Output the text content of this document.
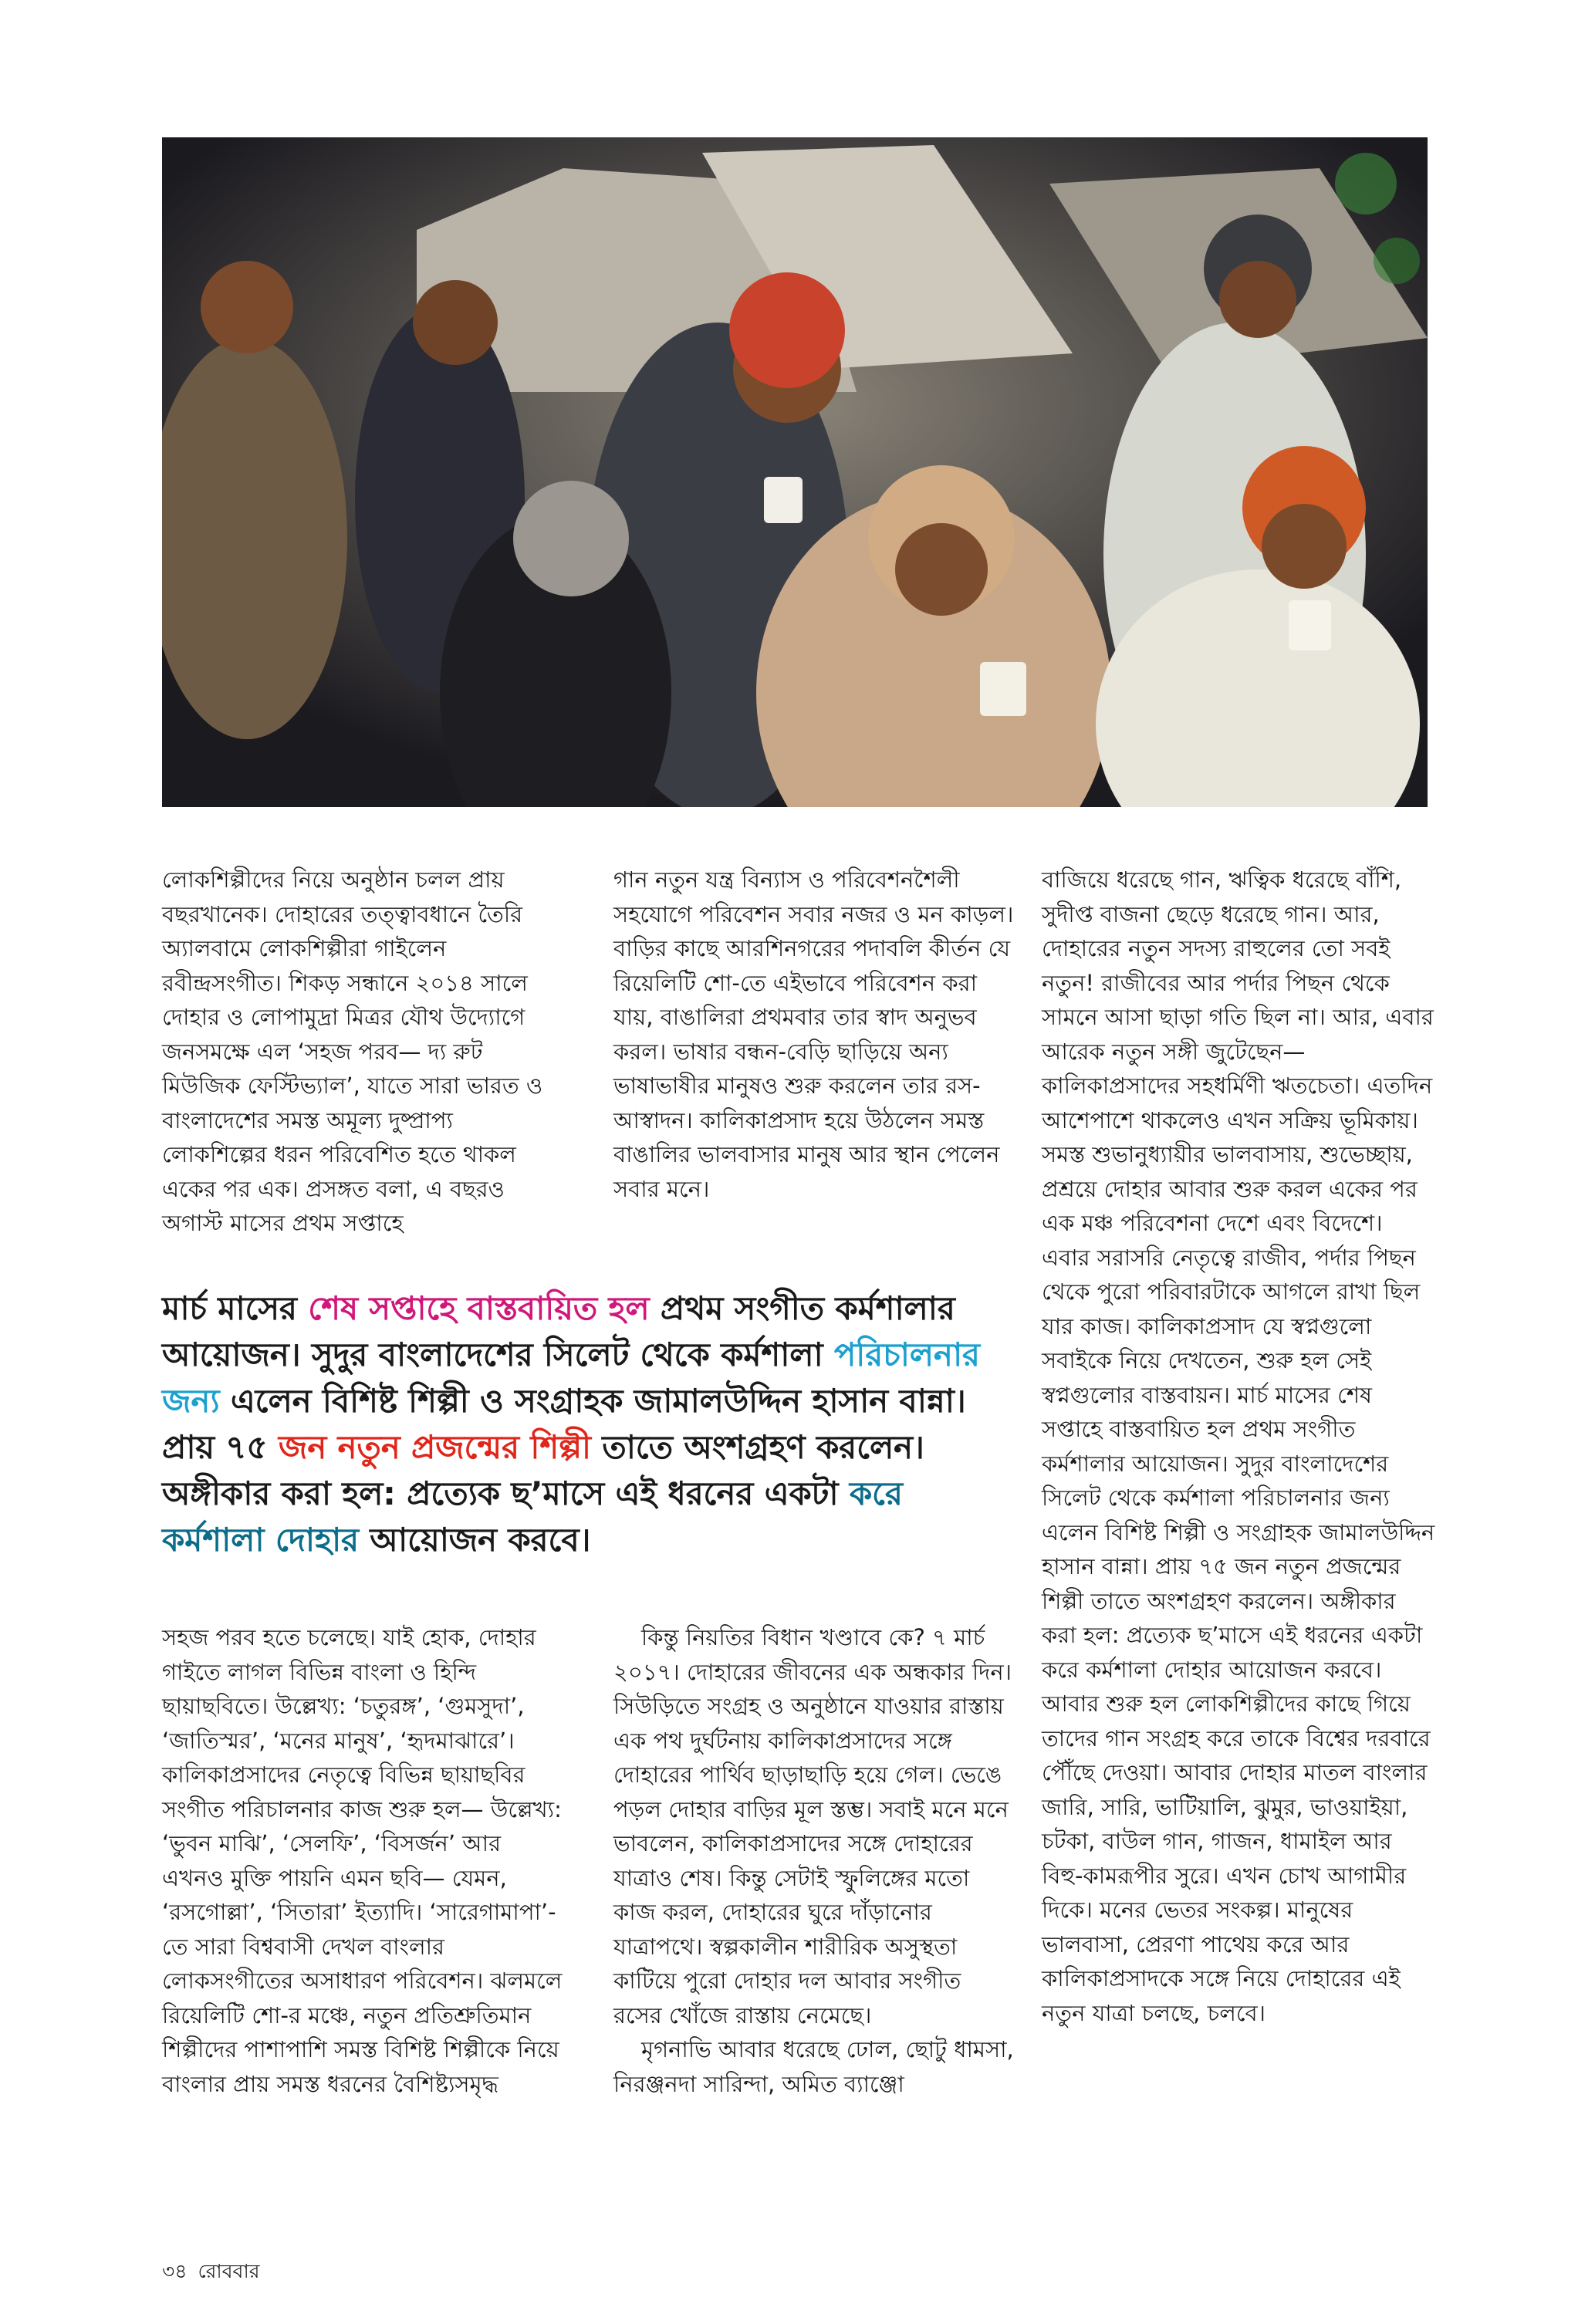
লোকশিল্পীদের নিয়ে অনুষ্ঠান চলল প্রায় বছরখানেক। দোহারের তত্ত্বাবধানে তৈরি অ্যালবামে লোকশিল্পীরা গাইলেন রবীন্দ্রসংগীত। শিকড় সন্ধানে ২০১৪ সালে দোহার ও লোপামুদ্রা মিত্রর যৌথ উদ্যোগে জনসমক্ষে এল ‘সহজ পরব— দ্য রুট মিউজিক ফেস্টিভ্যাল’, যাতে সারা ভারত ও বাংলাদেশের সমস্ত অমূল্য দুষ্প্রাপ্য লোকশিল্পের ধরন পরিবেশিত হতে থাকল একের পর এক। প্রসঙ্গত বলা, এ বছরও অগাস্ট মাসের প্রথম সপ্তাহে

গান নতুন যন্ত্র বিন্যাস ও পরিবেশনশৈলী সহযোগে পরিবেশন সবার নজর ও মন কাড়ল। বাড়ির কাছে আরশিনগরের পদাবলি কীর্তন যে রিয়েলিটি শো-তে এইভাবে পরিবেশন করা যায়, বাঙালিরা প্রথমবার তার স্বাদ অনুভব করল। ভাষার বন্ধন-বেড়ি ছাড়িয়ে অন্য ভাষাভাষীর মানুষও শুরু করলেন তার রস-আস্বাদন। কালিকাপ্রসাদ হয়ে উঠলেন সমস্ত বাঙালির ভালবাসার মানুষ আর স্থান পেলেন সবার মনে।

বাজিয়ে ধরেছে গান, ঋত্বিক ধরেছে বাঁশি, সুদীপ্ত বাজনা ছেড়ে ধরেছে গান। আর, দোহারের নতুন সদস্য রাহুলের তো সবই নতুন! রাজীবের আর পর্দার পিছন থেকে সামনে আসা ছাড়া গতি ছিল না। আর, এবার আরেক নতুন সঙ্গী জুটেছেন— কালিকাপ্রসাদের সহধর্মিণী ঋতচেতা। এতদিন আশেপাশে থাকলেও এখন সক্রিয় ভূমিকায়। সমস্ত শুভানুধ্যায়ীর ভালবাসায়, শুভেচ্ছায়, প্রশ্রয়ে দোহার আবার শুরু করল একের পর এক মঞ্চ পরিবেশনা দেশে এবং বিদেশে। এবার সরাসরি নেতৃত্বে রাজীব, পর্দার পিছন থেকে পুরো পরিবারটাকে আগলে রাখা ছিল যার কাজ। কালিকাপ্রসাদ যে স্বপ্নগুলো সবাইকে নিয়ে দেখতেন, শুরু হল সেই স্বপ্নগুলোর বাস্তবায়ন। মার্চ মাসের শেষ সপ্তাহে বাস্তবায়িত হল প্রথম সংগীত কর্মশালার আয়োজন। সুদুর বাংলাদেশের সিলেট থেকে কর্মশালা পরিচালনার জন্য এলেন বিশিষ্ট শিল্পী ও সংগ্রাহক জামালউদ্দিন হাসান বান্না। প্রায় ৭৫ জন নতুন প্রজন্মের শিল্পী তাতে অংশগ্রহণ করলেন। অঙ্গীকার করা হল: প্রত্যেক ছ’মাসে এই ধরনের একটা করে কর্মশালা দোহার আয়োজন করবে। আবার শুরু হল লোকশিল্পীদের কাছে গিয়ে তাদের গান সংগ্রহ করে তাকে বিশ্বের দরবারে পৌঁছে দেওয়া। আবার দোহার মাতল বাংলার জারি, সারি, ভাটিয়ালি, ঝুমুর, ভাওয়াইয়া, চটকা, বাউল গান, গাজন, ধামাইল আর বিহু-কামরূপীর সুরে। এখন চোখ আগামীর দিকে। মনের ভেতর সংকল্প। মানুষের ভালবাসা, প্রেরণা পাথেয় করে আর কালিকাপ্রসাদকে সঙ্গে নিয়ে দোহারের এই নতুন যাত্রা চলছে, চলবে।

মার্চ মাসের শেষ সপ্তাহে বাস্তবায়িত হল প্রথম সংগীত কর্মশালার আয়োজন। সুদুর বাংলাদেশের সিলেট থেকে কর্মশালা পরিচালনার জন্য এলেন বিশিষ্ট শিল্পী ও সংগ্রাহক জামালউদ্দিন হাসান বান্না। প্রায় ৭৫ জন নতুন প্রজন্মের শিল্পী তাতে অংশগ্রহণ করলেন। অঙ্গীকার করা হল: প্রত্যেক ছ’মাসে এই ধরনের একটা করে কর্মশালা দোহার আয়োজন করবে।

সহজ পরব হতে চলেছে। যাই হোক, দোহার গাইতে লাগল বিভিন্ন বাংলা ও হিন্দি ছায়াছবিতে। উল্লেখ্য: ‘চতুরঙ্গ’, ‘গুমসুদা’, ‘জাতিস্মর’, ‘মনের মানুষ’, ‘হৃদমাঝারে’। কালিকাপ্রসাদের নেতৃত্বে বিভিন্ন ছায়াছবির সংগীত পরিচালনার কাজ শুরু হল— উল্লেখ্য: ‘ভুবন মাঝি’, ‘সেলফি’, ‘বিসর্জন’ আর এখনও মুক্তি পায়নি এমন ছবি— যেমন, ‘রসগোল্লা’, ‘সিতারা’ ইত্যাদি। ‘সারেগামাপা’-তে সারা বিশ্ববাসী দেখল বাংলার লোকসংগীতের অসাধারণ পরিবেশন। ঝলমলে রিয়েলিটি শো-র মঞ্চে, নতুন প্রতিশ্রুতিমান শিল্পীদের পাশাপাশি সমস্ত বিশিষ্ট শিল্পীকে নিয়ে বাংলার প্রায় সমস্ত ধরনের বৈশিষ্ট্যসমৃদ্ধ

কিন্তু নিয়তির বিধান খণ্ডাবে কে? ৭ মার্চ ২০১৭। দোহারের জীবনের এক অন্ধকার দিন। সিউড়িতে সংগ্রহ ও অনুষ্ঠানে যাওয়ার রাস্তায় এক পথ দুর্ঘটনায় কালিকাপ্রসাদের সঙ্গে দোহারের পার্থিব ছাড়াছাড়ি হয়ে গেল। ভেঙে পড়ল দোহার বাড়ির মূল স্তম্ভ। সবাই মনে মনে ভাবলেন, কালিকাপ্রসাদের সঙ্গে দোহারের যাত্রাও শেষ। কিন্তু সেটাই স্ফুলিঙ্গের মতো কাজ করল, দোহারের ঘুরে দাঁড়ানোর যাত্রাপথে। স্বল্পকালীন শারীরিক অসুস্থতা কাটিয়ে পুরো দোহার দল আবার সংগীত রসের খোঁজে রাস্তায় নেমেছে।

মৃগনাভি আবার ধরেছে ঢোল, ছোটু ধামসা, নিরঞ্জনদা সারিন্দা, অমিত ব্যাঞ্জো

৩৪ রোববার
